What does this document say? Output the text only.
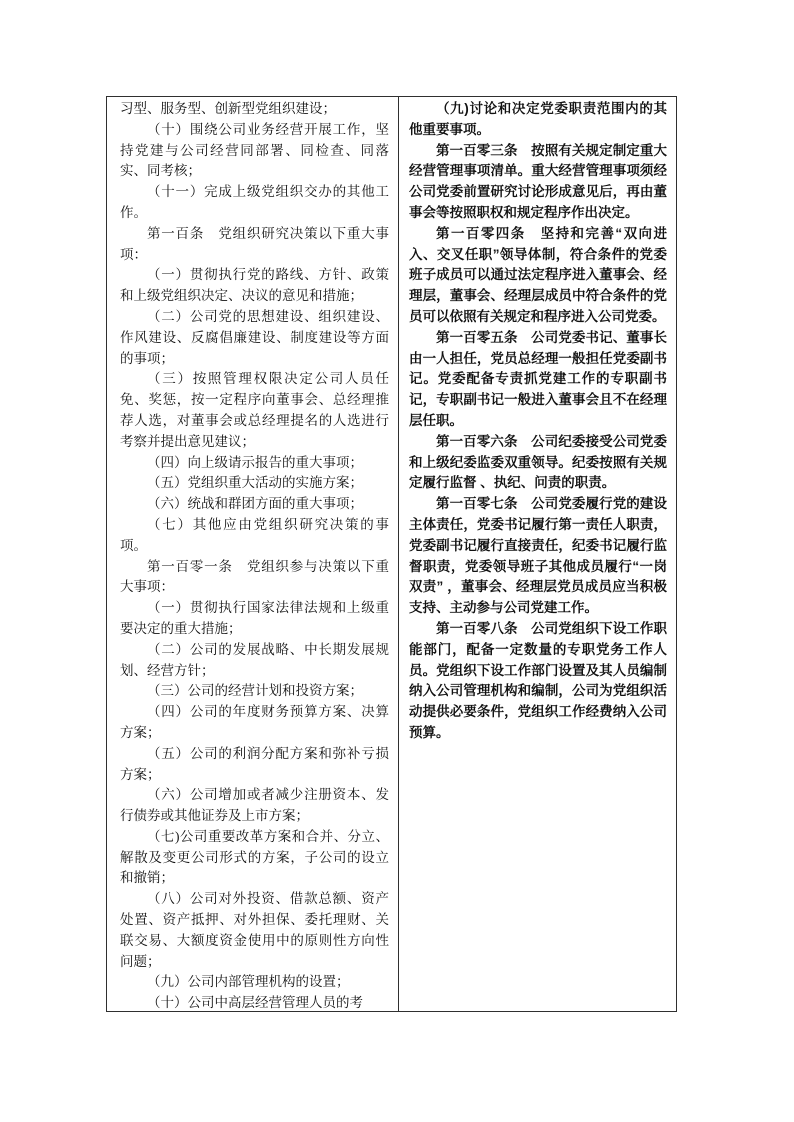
习型、服务型、创新型党组织建设；

（十）围绕公司业务经营开展工作，坚持党建与公司经营同部署、同检查、同落实、同考核；

（十一）完成上级党组织交办的其他工作。

第一百条　党组织研究决策以下重大事项：

（一）贯彻执行党的路线、方针、政策和上级党组织决定、决议的意见和措施；

（二）公司党的思想建设、组织建设、作风建设、反腐倡廉建设、制度建设等方面的事项；

（三）按照管理权限决定公司人员任免、奖惩，按一定程序向董事会、总经理推荐人选，对董事会或总经理提名的人选进行考察并提出意见建议；

（四）向上级请示报告的重大事项；

（五）党组织重大活动的实施方案；

（六）统战和群团方面的重大事项；

（七）其他应由党组织研究决策的事项。

第一百零一条　党组织参与决策以下重大事项：

（一）贯彻执行国家法律法规和上级重要决定的重大措施；

（二）公司的发展战略、中长期发展规划、经营方针；

（三）公司的经营计划和投资方案；

（四）公司的年度财务预算方案、决算方案；

（五）公司的利润分配方案和弥补亏损方案；

（六）公司增加或者减少注册资本、发行债券或其他证券及上市方案；

（七)公司重要改革方案和合并、分立、解散及变更公司形式的方案，子公司的设立和撤销；

（八）公司对外投资、借款总额、资产处置、资产抵押、对外担保、委托理财、关联交易、大额度资金使用中的原则性方向性问题；

（九）公司内部管理机构的设置；

（十）公司中高层经营管理人员的考

（九)讨论和决定党委职责范围内的其他重要事项。

第一百零三条　按照有关规定制定重大经营管理事项清单。重大经营管理事项须经公司党委前置研究讨论形成意见后，再由董事会等按照职权和规定程序作出决定。

第一百零四条　坚持和完善“双向进入、交叉任职”领导体制，符合条件的党委班子成员可以通过法定程序进入董事会、经理层，董事会、经理层成员中符合条件的党员可以依照有关规定和程序进入公司党委。

第一百零五条　公司党委书记、董事长由一人担任，党员总经理一般担任党委副书记。党委配备专责抓党建工作的专职副书记，专职副书记一般进入董事会且不在经理层任职。

第一百零六条　公司纪委接受公司党委和上级纪委监委双重领导。纪委按照有关规定履行监督 、执纪、问责的职责。

第一百零七条　公司党委履行党的建设主体责任，党委书记履行第一责任人职责，党委副书记履行直接责任，纪委书记履行监督职责，党委领导班子其他成员履行“一岗双责” ，董事会、经理层党员成员应当积极支持、主动参与公司党建工作。

第一百零八条　公司党组织下设工作职能部门，配备一定数量的专职党务工作人员。党组织下设工作部门设置及其人员编制纳入公司管理机构和编制，公司为党组织活动提供必要条件，党组织工作经费纳入公司预算。
